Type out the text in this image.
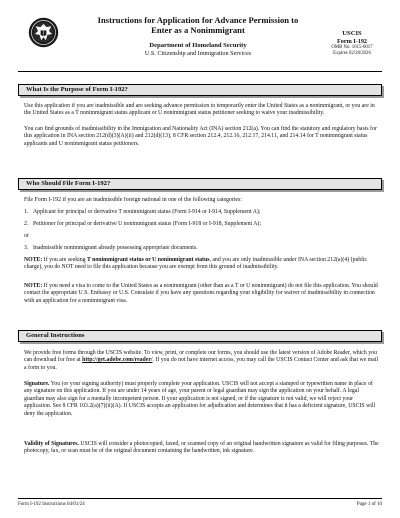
Instructions for Application for Advance Permission to
Enter as a Nonimmigrant
Department of Homeland Security
U.S. Citizenship and Immigration Services
USCIS
Form I-192
OMB No. 1615-0017
Expires 02/28/2026
What Is the Purpose of Form I-192?
Use this application if you are inadmissible and are seeking advance permission to temporarily enter the United States as a nonimmigrant, or you are in the United States as a T nonimmigrant status applicant or U nonimmigrant status petitioner seeking to waive your inadmissibility.
You can find grounds of inadmissibility in the Immigration and Nationality Act (INA) section 212(a). You can find the statutory and regulatory basis for this application in INA section 212(d)(3)(A)(ii) and 212(d)(13), 8 CFR section 212.4, 212.16, 212.17, 214.11, and 214.14 for T nonimmigrant status applicants and U nonimmigrant status petitioners.
Who Should File Form I-192?
File Form I-192 if you are an inadmissible foreign national in one of the following categories:
1. Applicant for principal or derivative T nonimmigrant status (Form I-914 or I-914, Supplement A);
2. Petitioner for principal or derivative U nonimmigrant status (Form I-918 or I-918, Supplement A);
or
3. Inadmissible nonimmigrant already possessing appropriate documents.
NOTE: If you are seeking T nonimmigrant status or U nonimmigrant status, and you are only inadmissible under INA section 212(a)(4) (public charge), you do NOT need to file this application because you are exempt from this ground of inadmissibility.
NOTE: If you need a visa to come to the United States as a nonimmigrant (other than as a T or U nonimmigrant) do not file this application. You should contact the appropriate U.S. Embassy or U.S. Consulate if you have any questions regarding your eligibility for waiver of inadmissibility in connection with an application for a nonimmigrant visa.
General Instructions
We provide free forms through the USCIS website. To view, print, or complete our forms, you should use the latest version of Adobe Reader, which you can download for free at http://get.adobe.com/reader/. If you do not have internet access, you may call the USCIS Contact Center and ask that we mail a form to you.
Signature. You (or your signing authority) must properly complete your application. USCIS will not accept a stamped or typewritten name in place of any signature on this application. If you are under 14 years of age, your parent or legal guardian may sign the application on your behalf. A legal guardian may also sign for a mentally incompetent person. If your application is not signed, or if the signature is not valid, we will reject your application. See 8 CFR 103.2(a)(7)(ii)(A). If USCIS accepts an application for adjudication and determines that it has a deficient signature, USCIS will deny the application.
Validity of Signatures. USCIS will consider a photocopied, faxed, or scanned copy of an original handwritten signature as valid for filing purposes. The photocopy, fax, or scan must be of the original document containing the handwritten, ink signature.
Form I-192 Instructions 04/01/24	Page 1 of 10
